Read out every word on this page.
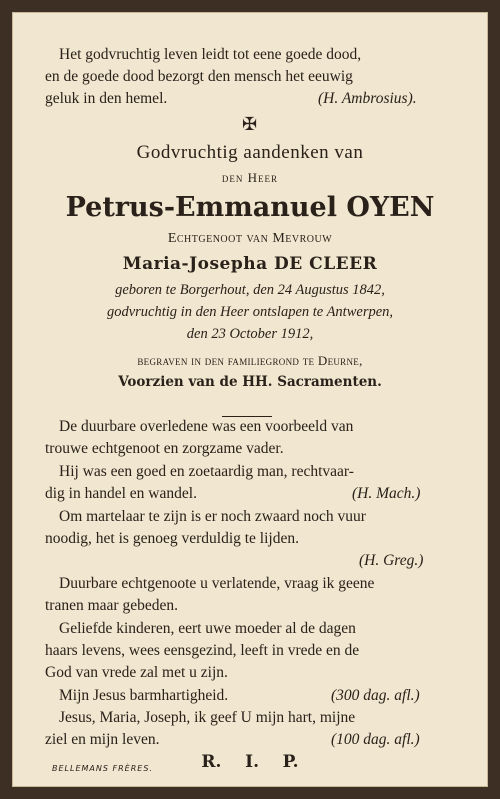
Het godvruchtig leven leidt tot eene goede dood,
en de goede dood bezorgt den mensch het eeuwig
geluk in den hemel.	(H. Ambrosius).
✠
Godvruchtig aandenken van
den Heer
Petrus-Emmanuel OYEN
Echtgenoot van Mevrouw
Maria-Josepha DE CLEER
geboren te Borgerhout, den 24 Augustus 1842,
godvruchtig in den Heer ontslapen te Antwerpen,
den 23 October 1912,
begraven in den familiegrond te Deurne,
Voorzien van de HH. Sacramenten.
De duurbare overledene was een voorbeeld van
trouwe echtgenoot en zorgzame vader.
Hij was een goed en zoetaardig man, rechtvaar-
dig in handel en wandel.	(H. Mach.)
Om martelaar te zijn is er noch zwaard noch vuur
noodig, het is genoeg verduldig te lijden.
(H. Greg.)
Duurbare echtgenoote u verlatende, vraag ik geene
tranen maar gebeden.
Geliefde kinderen, eert uwe moeder al de dagen
haars levens, wees eensgezind, leeft in vrede en de
God van vrede zal met u zijn.
Mijn Jesus barmhartigheid.	(300 dag. afl.)
Jesus, Maria, Joseph, ik geef U mijn hart, mijne
ziel en mijn leven.	(100 dag. afl.)
R.    I.    P.
BELLEMANS FRÈRES.
